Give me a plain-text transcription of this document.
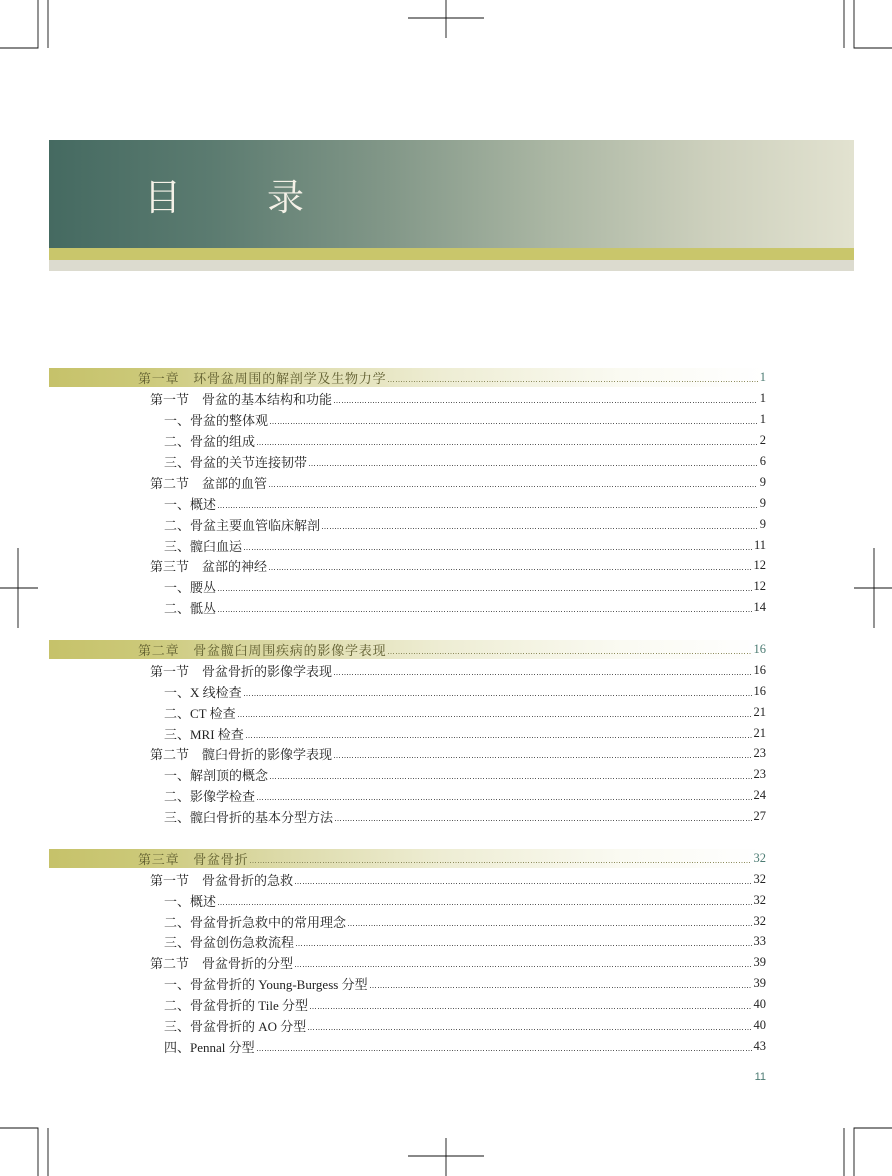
目 录
第一章　环骨盆周围的解剖学及生物力学	1
第一节　骨盆的基本结构和功能	1
一、骨盆的整体观	1
二、骨盆的组成	2
三、骨盆的关节连接韧带	6
第二节　盆部的血管	9
一、概述	9
二、骨盆主要血管临床解剖	9
三、髋臼血运	11
第三节　盆部的神经	12
一、腰丛	12
二、骶丛	14
第二章　骨盆髋臼周围疾病的影像学表现	16
第一节　骨盆骨折的影像学表现	16
一、X 线检查	16
二、CT 检查	21
三、MRI 检查	21
第二节　髋臼骨折的影像学表现	23
一、解剖顶的概念	23
二、影像学检查	24
三、髋臼骨折的基本分型方法	27
第三章　骨盆骨折	32
第一节　骨盆骨折的急救	32
一、概述	32
二、骨盆骨折急救中的常用理念	32
三、骨盆创伤急救流程	33
第二节　骨盆骨折的分型	39
一、骨盆骨折的 Young-Burgess 分型	39
二、骨盆骨折的 Tile 分型	40
三、骨盆骨折的 AO 分型	40
四、Pennal 分型	43
11
